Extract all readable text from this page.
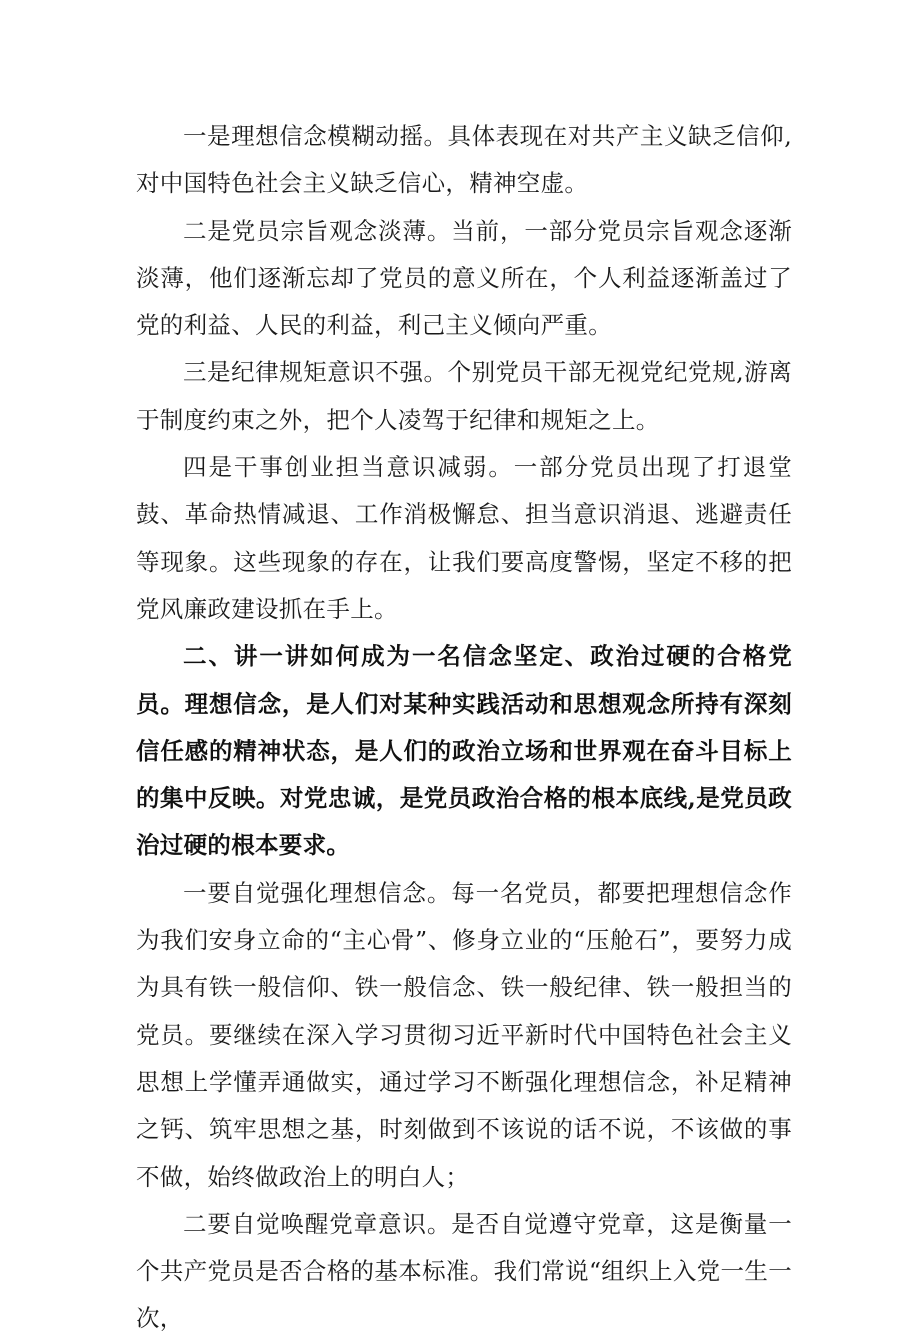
一是理想信念模糊动摇。具体表现在对共产主义缺乏信仰,对中国特色社会主义缺乏信心，精神空虚。

二是党员宗旨观念淡薄。当前，一部分党员宗旨观念逐渐淡薄，他们逐渐忘却了党员的意义所在，个人利益逐渐盖过了党的利益、人民的利益，利己主义倾向严重。

三是纪律规矩意识不强。个别党员干部无视党纪党规,游离于制度约束之外，把个人凌驾于纪律和规矩之上。

四是干事创业担当意识减弱。一部分党员出现了打退堂鼓、革命热情减退、工作消极懈怠、担当意识消退、逃避责任等现象。这些现象的存在，让我们要高度警惕，坚定不移的把党风廉政建设抓在手上。

二、讲一讲如何成为一名信念坚定、政治过硬的合格党员。理想信念，是人们对某种实践活动和思想观念所持有深刻信任感的精神状态，是人们的政治立场和世界观在奋斗目标上的集中反映。对党忠诚，是党员政治合格的根本底线,是党员政治过硬的根本要求。

一要自觉强化理想信念。每一名党员，都要把理想信念作为我们安身立命的“主心骨”、修身立业的“压舱石”，要努力成为具有铁一般信仰、铁一般信念、铁一般纪律、铁一般担当的党员。要继续在深入学习贯彻习近平新时代中国特色社会主义思想上学懂弄通做实，通过学习不断强化理想信念，补足精神之钙、筑牢思想之基，时刻做到不该说的话不说，不该做的事不做，始终做政治上的明白人；

二要自觉唤醒党章意识。是否自觉遵守党章，这是衡量一个共产党员是否合格的基本标准。我们常说“组织上入党一生一次，
